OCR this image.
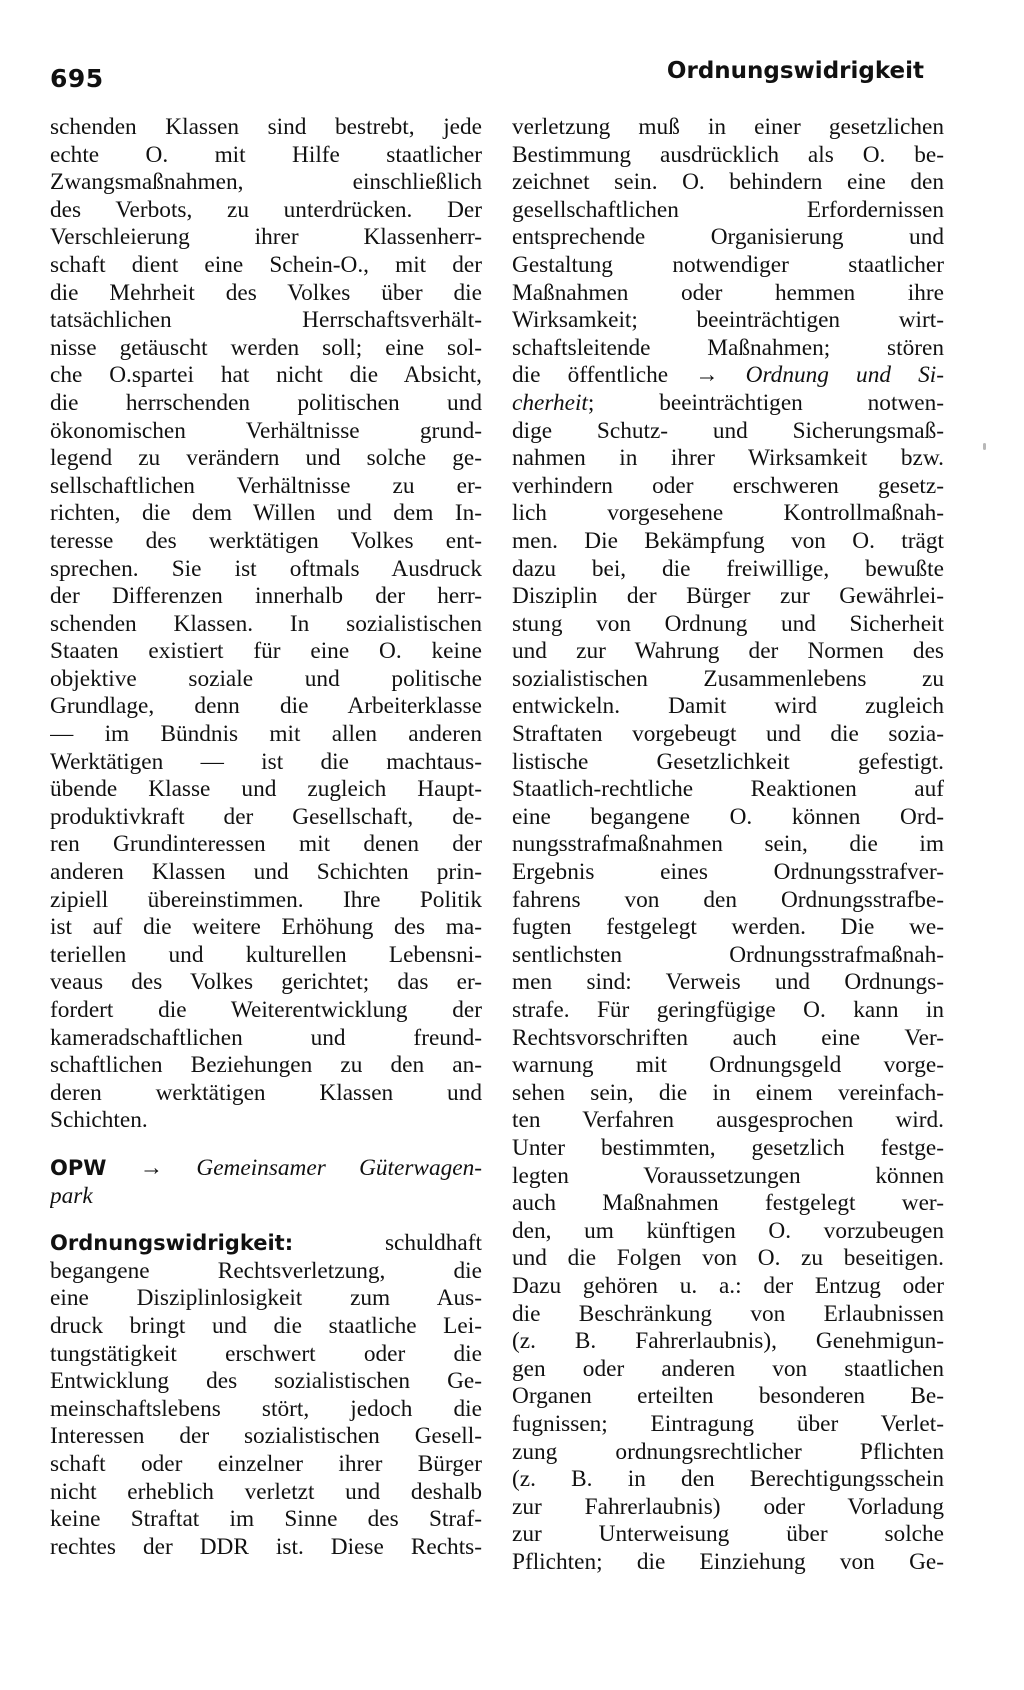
695	Ordnungswidrigkeit
schenden Klassen sind bestrebt, jede
echte O. mit Hilfe staatlicher
Zwangsmaßnahmen, einschließlich
des Verbots, zu unterdrücken. Der
Verschleierung ihrer Klassenherr-
schaft dient eine Schein-O., mit der
die Mehrheit des Volkes über die
tatsächlichen Herrschaftsverhält-
nisse getäuscht werden soll; eine sol-
che O.spartei hat nicht die Absicht,
die herrschenden politischen und
ökonomischen Verhältnisse grund-
legend zu verändern und solche ge-
sellschaftlichen Verhältnisse zu er-
richten, die dem Willen und dem In-
teresse des werktätigen Volkes ent-
sprechen. Sie ist oftmals Ausdruck
der Differenzen innerhalb der herr-
schenden Klassen. In sozialistischen
Staaten existiert für eine O. keine
objektive soziale und politische
Grundlage, denn die Arbeiterklasse
— im Bündnis mit allen anderen
Werktätigen — ist die machtaus-
übende Klasse und zugleich Haupt-
produktivkraft der Gesellschaft, de-
ren Grundinteressen mit denen der
anderen Klassen und Schichten prin-
zipiell übereinstimmen. Ihre Politik
ist auf die weitere Erhöhung des ma-
teriellen und kulturellen Lebensni-
veaus des Volkes gerichtet; das er-
fordert die Weiterentwicklung der
kameradschaftlichen und freund-
schaftlichen Beziehungen zu den an-
deren werktätigen Klassen und
Schichten.
OPW → Gemeinsamer Güterwagen-
park
Ordnungswidrigkeit:	schuldhaft
begangene Rechtsverletzung, die
eine Disziplinlosigkeit zum Aus-
druck bringt und die staatliche Lei-
tungstätigkeit erschwert oder die
Entwicklung des sozialistischen Ge-
meinschaftslebens stört, jedoch die
Interessen der sozialistischen Gesell-
schaft oder einzelner ihrer Bürger
nicht erheblich verletzt und deshalb
keine Straftat im Sinne des Straf-
rechtes der DDR ist. Diese Rechts-
verletzung muß in einer gesetzlichen
Bestimmung ausdrücklich als O. be-
zeichnet sein. O. behindern eine den
gesellschaftlichen Erfordernissen
entsprechende Organisierung und
Gestaltung notwendiger staatlicher
Maßnahmen oder hemmen ihre
Wirksamkeit; beeinträchtigen wirt-
schaftsleitende Maßnahmen; stören
die öffentliche → Ordnung und Si-
cherheit; beeinträchtigen notwen-
dige Schutz- und Sicherungsmaß-
nahmen in ihrer Wirksamkeit bzw.
verhindern oder erschweren gesetz-
lich vorgesehene Kontrollmaßnah-
men. Die Bekämpfung von O. trägt
dazu bei, die freiwillige, bewußte
Disziplin der Bürger zur Gewährlei-
stung von Ordnung und Sicherheit
und zur Wahrung der Normen des
sozialistischen Zusammenlebens zu
entwickeln. Damit wird zugleich
Straftaten vorgebeugt und die sozia-
listische Gesetzlichkeit gefestigt.
Staatlich-rechtliche Reaktionen auf
eine begangene O. können Ord-
nungsstrafmaßnahmen sein, die im
Ergebnis eines Ordnungsstrafver-
fahrens von den Ordnungsstrafbe-
fugten festgelegt werden. Die we-
sentlichsten Ordnungsstrafmaßnah-
men sind: Verweis und Ordnungs-
strafe. Für geringfügige O. kann in
Rechtsvorschriften auch eine Ver-
warnung mit Ordnungsgeld vorge-
sehen sein, die in einem vereinfach-
ten Verfahren ausgesprochen wird.
Unter bestimmten, gesetzlich festge-
legten Voraussetzungen können
auch Maßnahmen festgelegt wer-
den, um künftigen O. vorzubeugen
und die Folgen von O. zu beseitigen.
Dazu gehören u. a.: der Entzug oder
die Beschränkung von Erlaubnissen
(z. B. Fahrerlaubnis), Genehmigun-
gen oder anderen von staatlichen
Organen erteilten besonderen Be-
fugnissen; Eintragung über Verlet-
zung ordnungsrechtlicher Pflichten
(z. B. in den Berechtigungsschein
zur Fahrerlaubnis) oder Vorladung
zur Unterweisung über solche
Pflichten; die Einziehung von Ge-
